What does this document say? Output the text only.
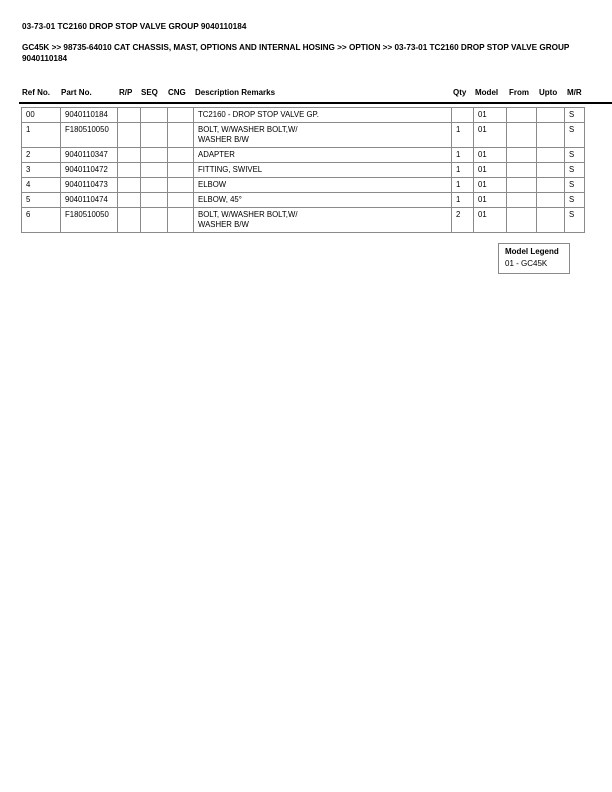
03-73-01 TC2160 DROP STOP VALVE GROUP 9040110184
GC45K >> 98735-64010 CAT CHASSIS, MAST, OPTIONS AND INTERNAL HOSING >> OPTION >> 03-73-01 TC2160 DROP STOP VALVE GROUP 9040110184
Ref No. Part No.	R/P SEQ CNG Description Remarks	Qty Model From Upto M/R
00	9040110184				TC2160 - DROP STOP VALVE GP.		01			S
1	F180510050				BOLT, W/WASHER BOLT,W/
WASHER B/W	1	01			S
2	9040110347				ADAPTER	1	01			S
3	9040110472				FITTING, SWIVEL	1	01			S
4	9040110473				ELBOW	1	01			S
5	9040110474				ELBOW, 45°	1	01			S
6	F180510050				BOLT, W/WASHER BOLT,W/
WASHER B/W	2	01			S
Model Legend
01 - GC45K
